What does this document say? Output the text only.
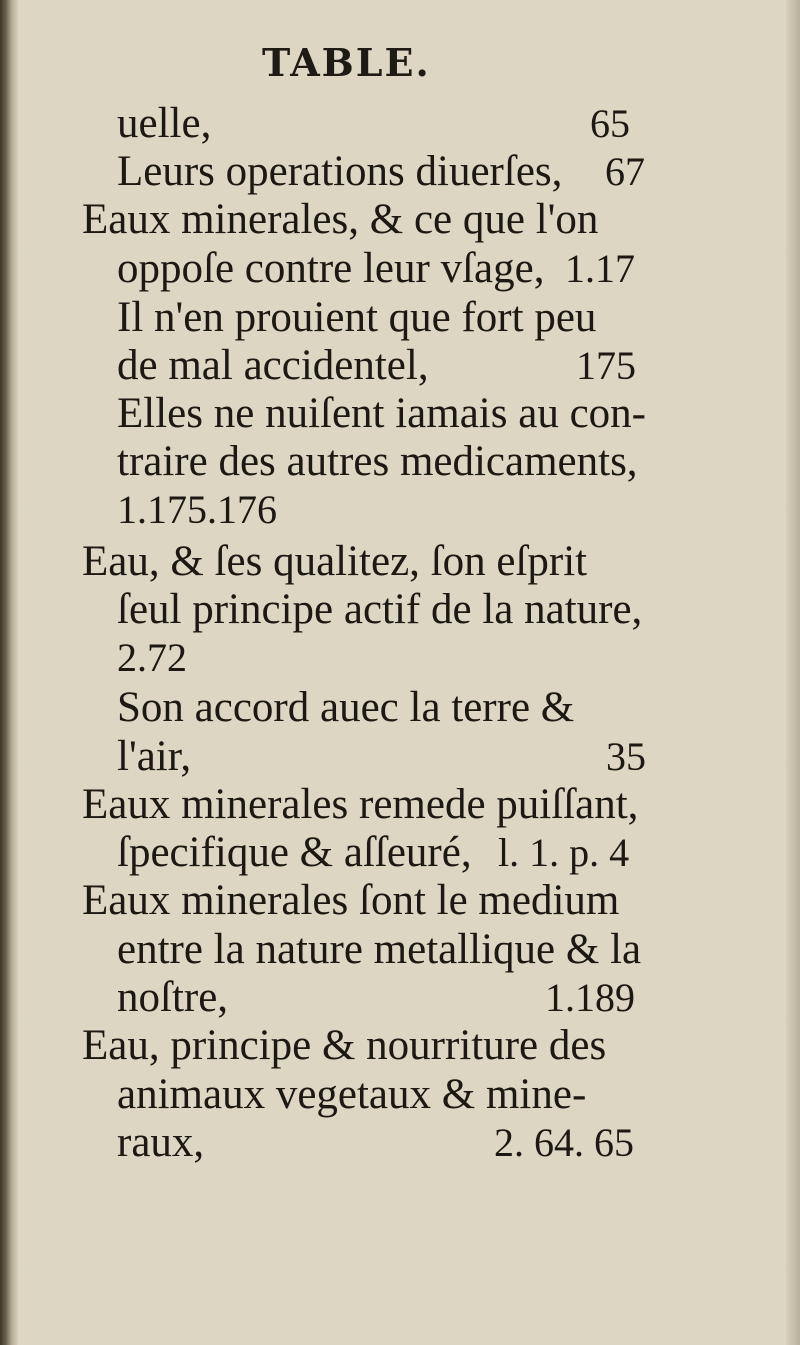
TABLE.
uelle,	65
Leurs operations diuerſes, 67
Eaux minerales, & ce que l'on
oppoſe contre leur vſage, 1.17
Il n'en prouient que fort peu
de mal accidentel,	175
Elles ne nuiſent iamais au con-
traire des autres medicaments,
1.175.176
Eau, & ſes qualitez, ſon eſprit
ſeul principe actif de la nature,
2.72
Son accord auec la terre &
l'air,	35
Eaux minerales remede puiſſant,
ſpecifique & aſſeuré, l. 1. p. 4
Eaux minerales ſont le medium
entre la nature metallique & la
noſtre,	1.189
Eau, principe & nourriture des
animaux vegetaux & mine-
raux,	2. 64. 65
